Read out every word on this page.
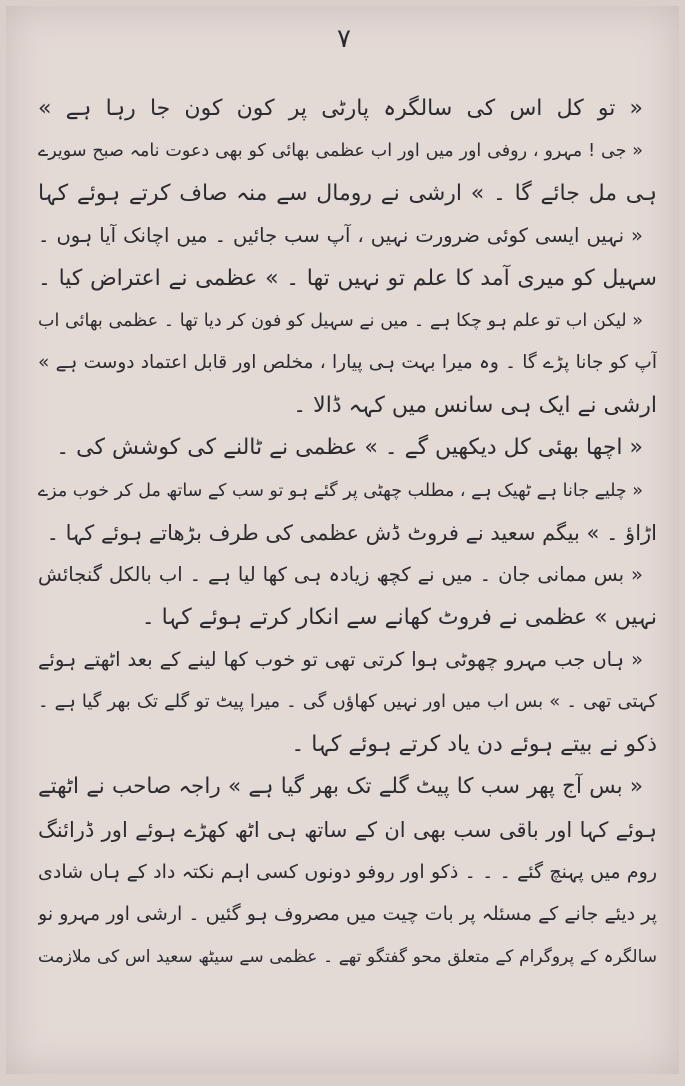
٧
« تو کل اس کی سالگرہ پارٹی پر کون کون جا رہا ہے »
« جی ! مہرو ، روفی اور میں اور اب عظمی بھائی کو بھی دعوت نامہ صبح سویرے
ہی مل جائے گا ۔ » ارشی نے رومال سے منہ صاف کرتے ہوئے کہا
« نہیں ایسی کوئی ضرورت نہیں ، آپ سب جائیں ۔ میں اچانک آیا ہوں ۔
سہیل کو میری آمد کا علم تو نہیں تھا ۔ » عظمی نے اعتراض کیا ۔
« لیکن اب تو علم ہو چکا ہے ۔ میں نے سہیل کو فون کر دیا تھا ۔ عظمی بھائی اب
آپ کو جانا پڑے گا ۔ وہ میرا بہت ہی پیارا ، مخلص اور قابل اعتماد دوست ہے »
ارشی نے ایک ہی سانس میں کہہ ڈالا ۔
« اچھا بھئی کل دیکھیں گے ۔ » عظمی نے ٹالنے کی کوشش کی ۔
« چلیے جانا ہے ٹھیک ہے ، مطلب چھٹی پر گئے ہو تو سب کے ساتھ مل کر خوب مزے
اڑاؤ ۔ » بیگم سعید نے فروٹ ڈش عظمی کی طرف بڑھاتے ہوئے کہا ۔
« بس ممانی جان ۔ میں نے کچھ زیادہ ہی کھا لیا ہے ۔ اب بالکل گنجائش
نہیں » عظمی نے فروٹ کھانے سے انکار کرتے ہوئے کہا ۔
« ہاں جب مہرو چھوٹی ہوا کرتی تھی تو خوب کھا لینے کے بعد اٹھتے ہوئے
کہتی تھی ۔ » بس اب میں اور نہیں کھاؤں گی ۔ میرا پیٹ تو گلے تک بھر گیا ہے ۔
ذکو نے بیتے ہوئے دن یاد کرتے ہوئے کہا ۔
« بس آج پھر سب کا پیٹ گلے تک بھر گیا ہے » راجہ صاحب نے اٹھتے
ہوئے کہا اور باقی سب بھی ان کے ساتھ ہی اٹھ کھڑے ہوئے اور ڈرائنگ
روم میں پہنچ گئے ۔ ۔ ۔ ذکو اور روفو دونوں کسی اہم نکتہ داد کے ہاں شادی
پر دیئے جانے کے مسئلہ پر بات چیت میں مصروف ہو گئیں ۔ ارشی اور مہرو نو
سالگرہ کے پروگرام کے متعلق محو گفتگو تھے ۔ عظمی سے سیٹھ سعید اس کی ملازمت
